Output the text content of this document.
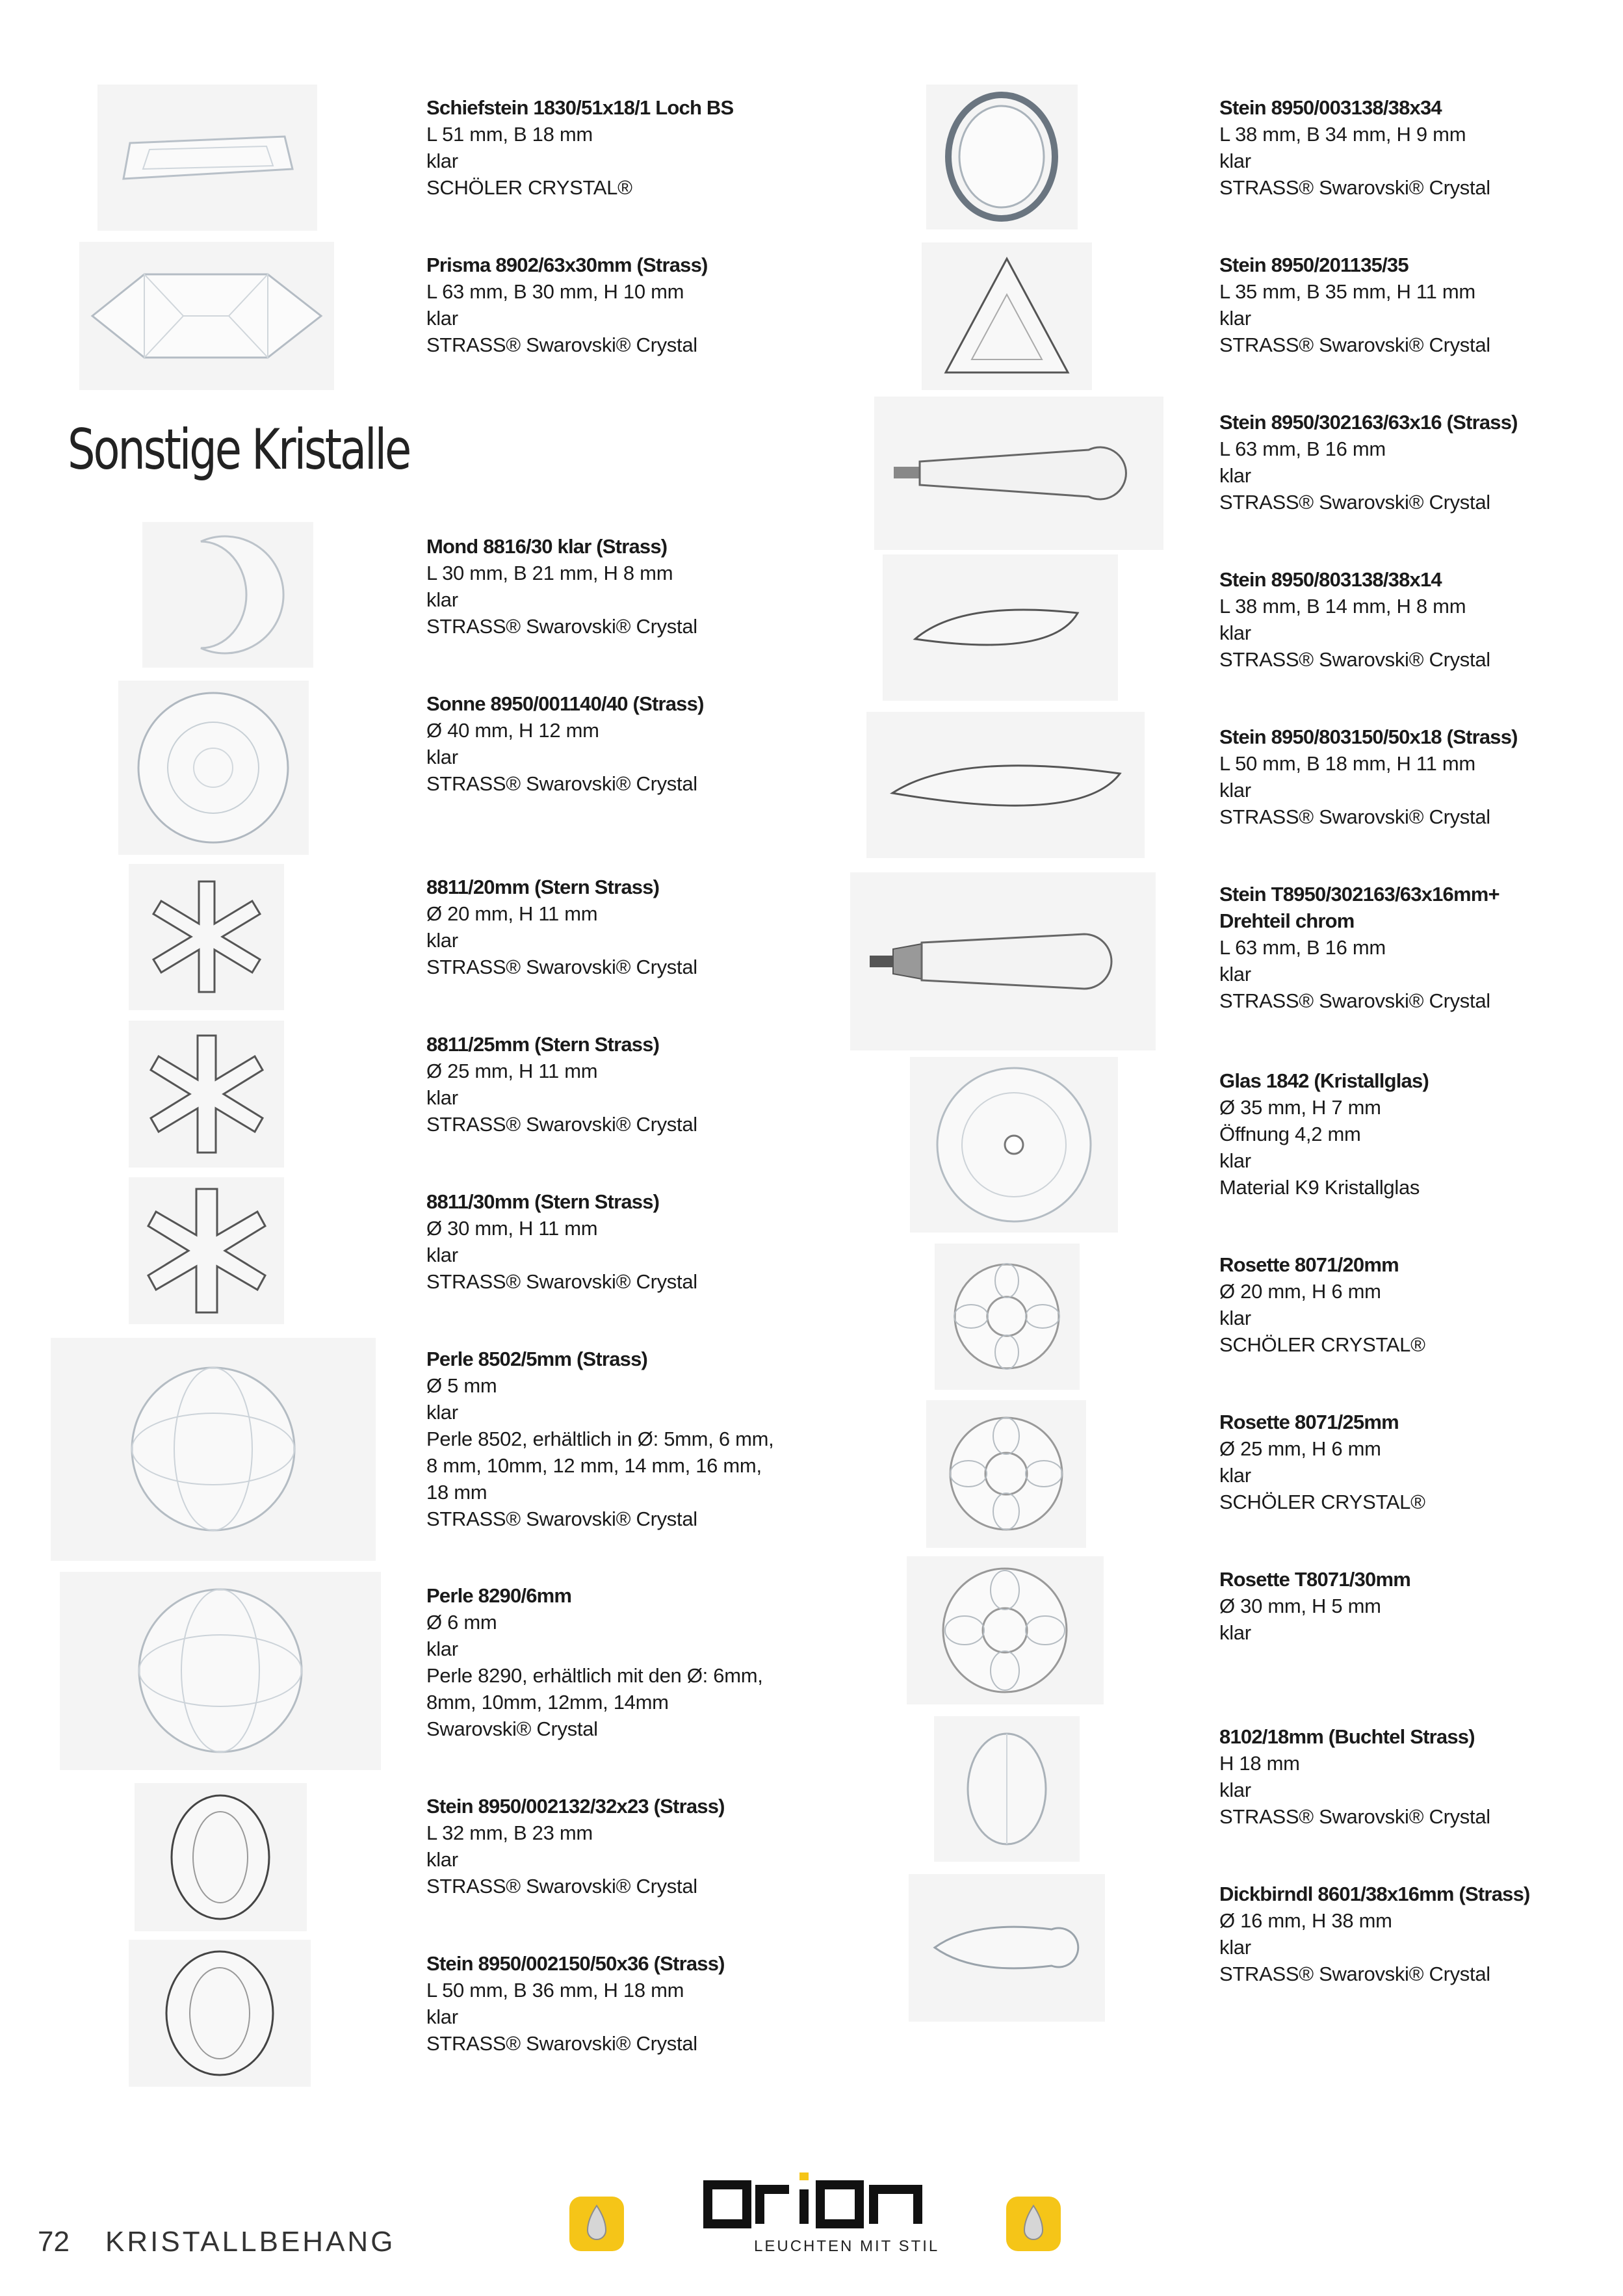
Sonstige Kristalle
Schiefstein 1830/51x18/1 Loch BS
L 51 mm, B 18 mm
klar
SCHÖLER CRYSTAL®
Prisma 8902/63x30mm (Strass)
L 63 mm, B 30 mm, H 10 mm
klar
STRASS® Swarovski® Crystal
Mond 8816/30 klar (Strass)
L 30 mm, B 21 mm, H 8 mm
klar
STRASS® Swarovski® Crystal
Sonne 8950/001140/40 (Strass)
Ø 40 mm, H 12 mm
klar
STRASS® Swarovski® Crystal
8811/20mm (Stern Strass)
Ø 20 mm, H 11 mm
klar
STRASS® Swarovski® Crystal
8811/25mm (Stern Strass)
Ø 25 mm, H 11 mm
klar
STRASS® Swarovski® Crystal
8811/30mm (Stern Strass)
Ø 30 mm, H 11 mm
klar
STRASS® Swarovski® Crystal
Perle 8502/5mm (Strass)
Ø 5 mm
klar
Perle 8502, erhältlich in Ø: 5mm, 6 mm,
8 mm, 10mm, 12 mm, 14 mm, 16 mm,
18 mm
STRASS® Swarovski® Crystal
Perle 8290/6mm
Ø 6 mm
klar
Perle 8290, erhältlich mit den Ø: 6mm,
8mm, 10mm, 12mm, 14mm
Swarovski® Crystal
Stein 8950/002132/32x23 (Strass)
L 32 mm, B 23 mm
klar
STRASS® Swarovski® Crystal
Stein 8950/002150/50x36 (Strass)
L 50 mm, B 36 mm, H 18 mm
klar
STRASS® Swarovski® Crystal
Stein 8950/003138/38x34
L 38 mm, B 34 mm, H 9 mm
klar
STRASS® Swarovski® Crystal
Stein 8950/201135/35
L 35 mm, B 35 mm, H 11 mm
klar
STRASS® Swarovski® Crystal
Stein 8950/302163/63x16 (Strass)
L 63 mm, B 16 mm
klar
STRASS® Swarovski® Crystal
Stein 8950/803138/38x14
L 38 mm, B 14 mm, H 8 mm
klar
STRASS® Swarovski® Crystal
Stein 8950/803150/50x18 (Strass)
L 50 mm, B 18 mm, H 11 mm
klar
STRASS® Swarovski® Crystal
Stein T8950/302163/63x16mm+
Drehteil chrom
L 63 mm, B 16 mm
klar
STRASS® Swarovski® Crystal
Glas 1842 (Kristallglas)
Ø 35 mm, H 7 mm
Öffnung 4,2 mm
klar
Material K9 Kristallglas
Rosette 8071/20mm
Ø 20 mm, H 6 mm
klar
SCHÖLER CRYSTAL®
Rosette 8071/25mm
Ø 25 mm, H 6 mm
klar
SCHÖLER CRYSTAL®
Rosette T8071/30mm
Ø 30 mm, H 5 mm
klar
8102/18mm (Buchtel Strass)
H 18 mm
klar
STRASS® Swarovski® Crystal
Dickbirndl 8601/38x16mm (Strass)
Ø 16 mm, H 38 mm
klar
STRASS® Swarovski® Crystal
72 KRISTALLBEHANG	LEUCHTEN MIT STIL
